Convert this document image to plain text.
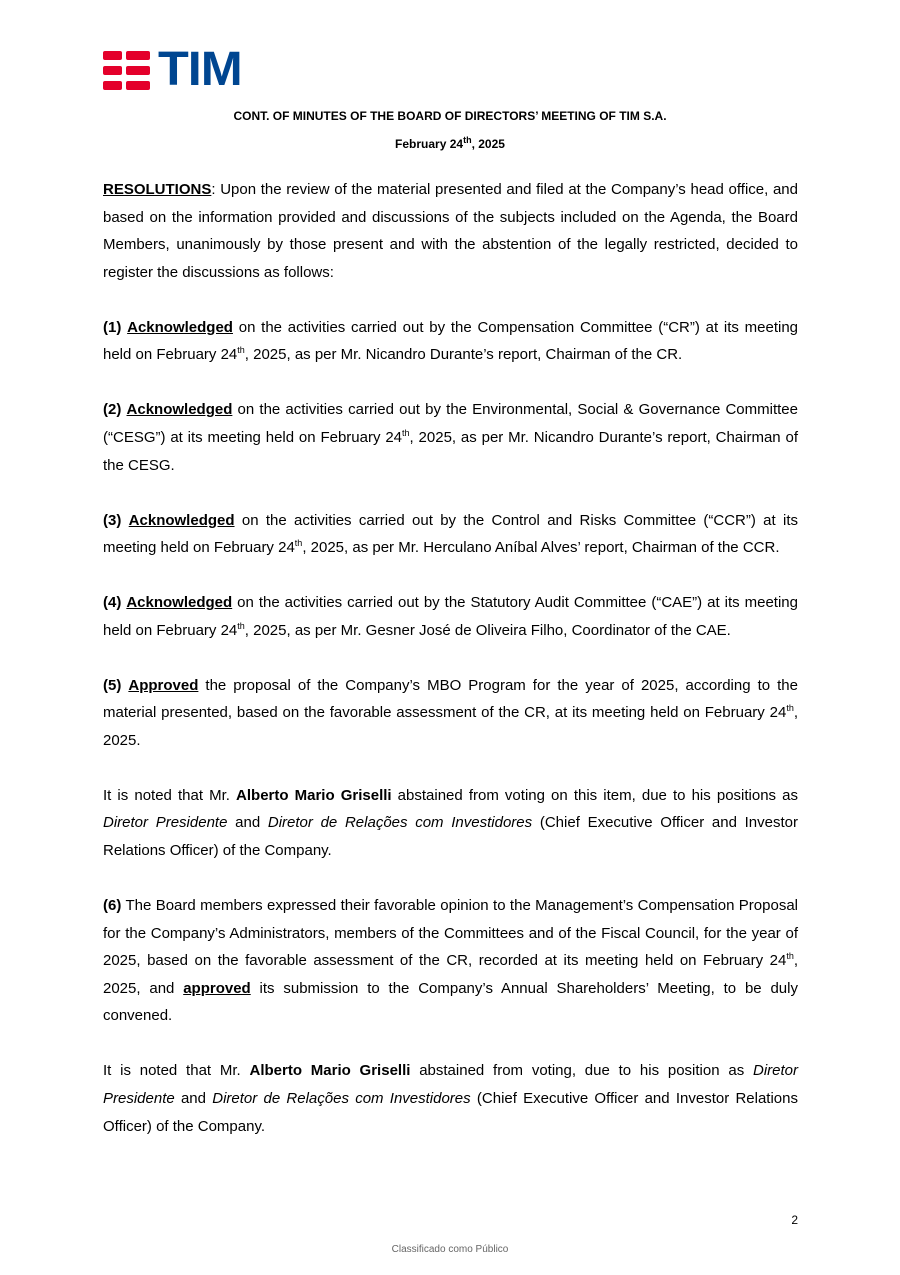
TIM
CONT. OF MINUTES OF THE BOARD OF DIRECTORS’ MEETING OF TIM S.A.
February 24th, 2025

RESOLUTIONS: Upon the review of the material presented and filed at the Company’s head office, and based on the information provided and discussions of the subjects included on the Agenda, the Board Members, unanimously by those present and with the abstention of the legally restricted, decided to register the discussions as follows:

(1) Acknowledged on the activities carried out by the Compensation Committee (“CR”) at its meeting held on February 24th, 2025, as per Mr. Nicandro Durante’s report, Chairman of the CR.

(2) Acknowledged on the activities carried out by the Environmental, Social & Governance Committee (“CESG”) at its meeting held on February 24th, 2025, as per Mr. Nicandro Durante’s report, Chairman of the CESG.

(3) Acknowledged on the activities carried out by the Control and Risks Committee (“CCR”) at its meeting held on February 24th, 2025, as per Mr. Herculano Aníbal Alves’ report, Chairman of the CCR.

(4) Acknowledged on the activities carried out by the Statutory Audit Committee (“CAE”) at its meeting held on February 24th, 2025, as per Mr. Gesner José de Oliveira Filho, Coordinator of the CAE.

(5) Approved the proposal of the Company’s MBO Program for the year of 2025, according to the material presented, based on the favorable assessment of the CR, at its meeting held on February 24th, 2025.

It is noted that Mr. Alberto Mario Griselli abstained from voting on this item, due to his positions as Diretor Presidente and Diretor de Relações com Investidores (Chief Executive Officer and Investor Relations Officer) of the Company.

(6) The Board members expressed their favorable opinion to the Management’s Compensation Proposal for the Company’s Administrators, members of the Committees and of the Fiscal Council, for the year of 2025, based on the favorable assessment of the CR, recorded at its meeting held on February 24th, 2025, and approved its submission to the Company’s Annual Shareholders’ Meeting, to be duly convened.

It is noted that Mr. Alberto Mario Griselli abstained from voting, due to his position as Diretor Presidente and Diretor de Relações com Investidores (Chief Executive Officer and Investor Relations Officer) of the Company.

2
Classificado como Público
